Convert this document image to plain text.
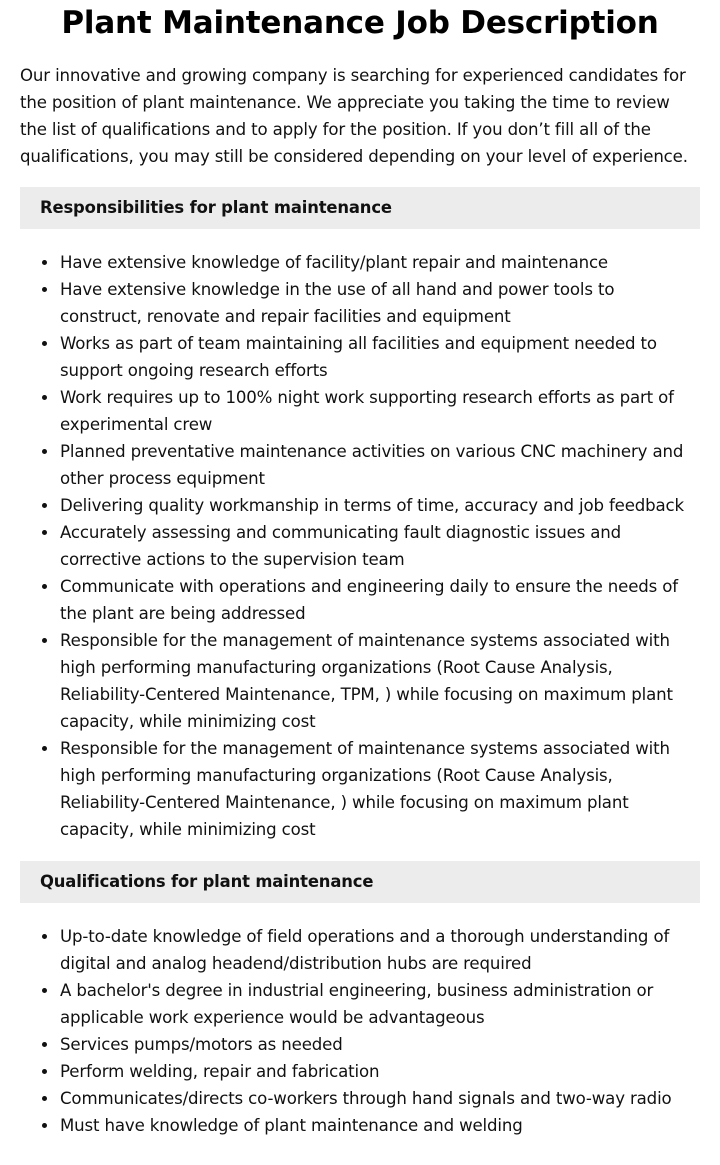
Plant Maintenance Job Description

Our innovative and growing company is searching for experienced candidates for the position of plant maintenance. We appreciate you taking the time to review the list of qualifications and to apply for the position. If you don’t fill all of the qualifications, you may still be considered depending on your level of experience.

Responsibilities for plant maintenance
Have extensive knowledge of facility/plant repair and maintenance
Have extensive knowledge in the use of all hand and power tools to construct, renovate and repair facilities and equipment
Works as part of team maintaining all facilities and equipment needed to support ongoing research efforts
Work requires up to 100% night work supporting research efforts as part of experimental crew
Planned preventative maintenance activities on various CNC machinery and other process equipment
Delivering quality workmanship in terms of time, accuracy and job feedback
Accurately assessing and communicating fault diagnostic issues and corrective actions to the supervision team
Communicate with operations and engineering daily to ensure the needs of the plant are being addressed
Responsible for the management of maintenance systems associated with high performing manufacturing organizations (Root Cause Analysis, Reliability-Centered Maintenance, TPM, ) while focusing on maximum plant capacity, while minimizing cost
Responsible for the management of maintenance systems associated with high performing manufacturing organizations (Root Cause Analysis, Reliability-Centered Maintenance, ) while focusing on maximum plant capacity, while minimizing cost
Qualifications for plant maintenance
Up-to-date knowledge of field operations and a thorough understanding of digital and analog headend/distribution hubs are required
A bachelor's degree in industrial engineering, business administration or applicable work experience would be advantageous
Services pumps/motors as needed
Perform welding, repair and fabrication
Communicates/directs co-workers through hand signals and two-way radio
Must have knowledge of plant maintenance and welding
